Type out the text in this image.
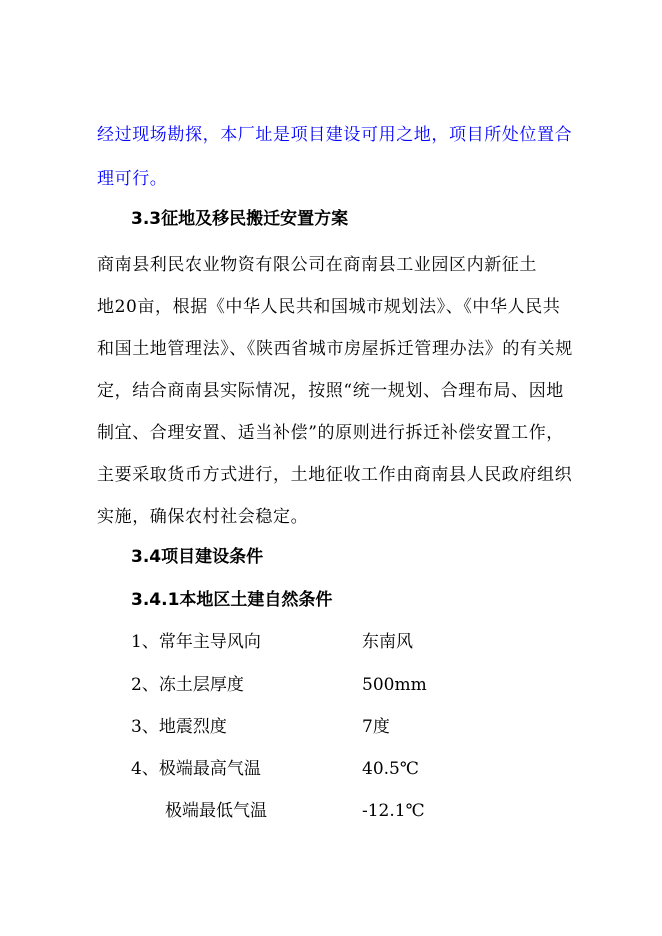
经过现场勘探，本厂址是项目建设可用之地，项目所处位置合
理可行。
3.3征地及移民搬迁安置方案
商南县利民农业物资有限公司在商南县工业园区内新征土
地20亩，根据《中华人民共和国城市规划法》、《中华人民共
和国土地管理法》、《陕西省城市房屋拆迁管理办法》的有关规
定，结合商南县实际情况，按照“统一规划、合理布局、因地
制宜、合理安置、适当补偿”的原则进行拆迁补偿安置工作，
主要采取货币方式进行，土地征收工作由商南县人民政府组织
实施，确保农村社会稳定。
3.4项目建设条件
3.4.1本地区土建自然条件
1、常年主导风向	东南风
2、冻土层厚度	500mm
3、地震烈度	7度
4、极端最高气温	40.5℃
极端最低气温	-12.1℃
